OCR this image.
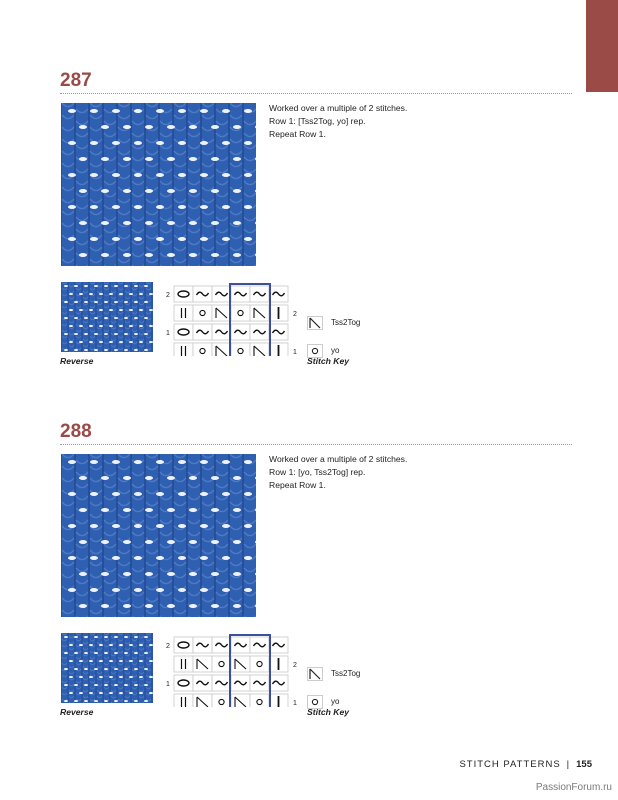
287
Worked over a multiple of 2 stitches.
Row 1: [Tss2Tog, yo] rep.
Repeat Row 1.
Reverse
2
2
1
1
Tss2Tog
yo
Stitch Key
288
Worked over a multiple of 2 stitches.
Row 1: [yo, Tss2Tog] rep.
Repeat Row 1.
Reverse
2
2
1
1
Tss2Tog
yo
Stitch Key
STITCH PATTERNS | 155
PassionForum.ru
